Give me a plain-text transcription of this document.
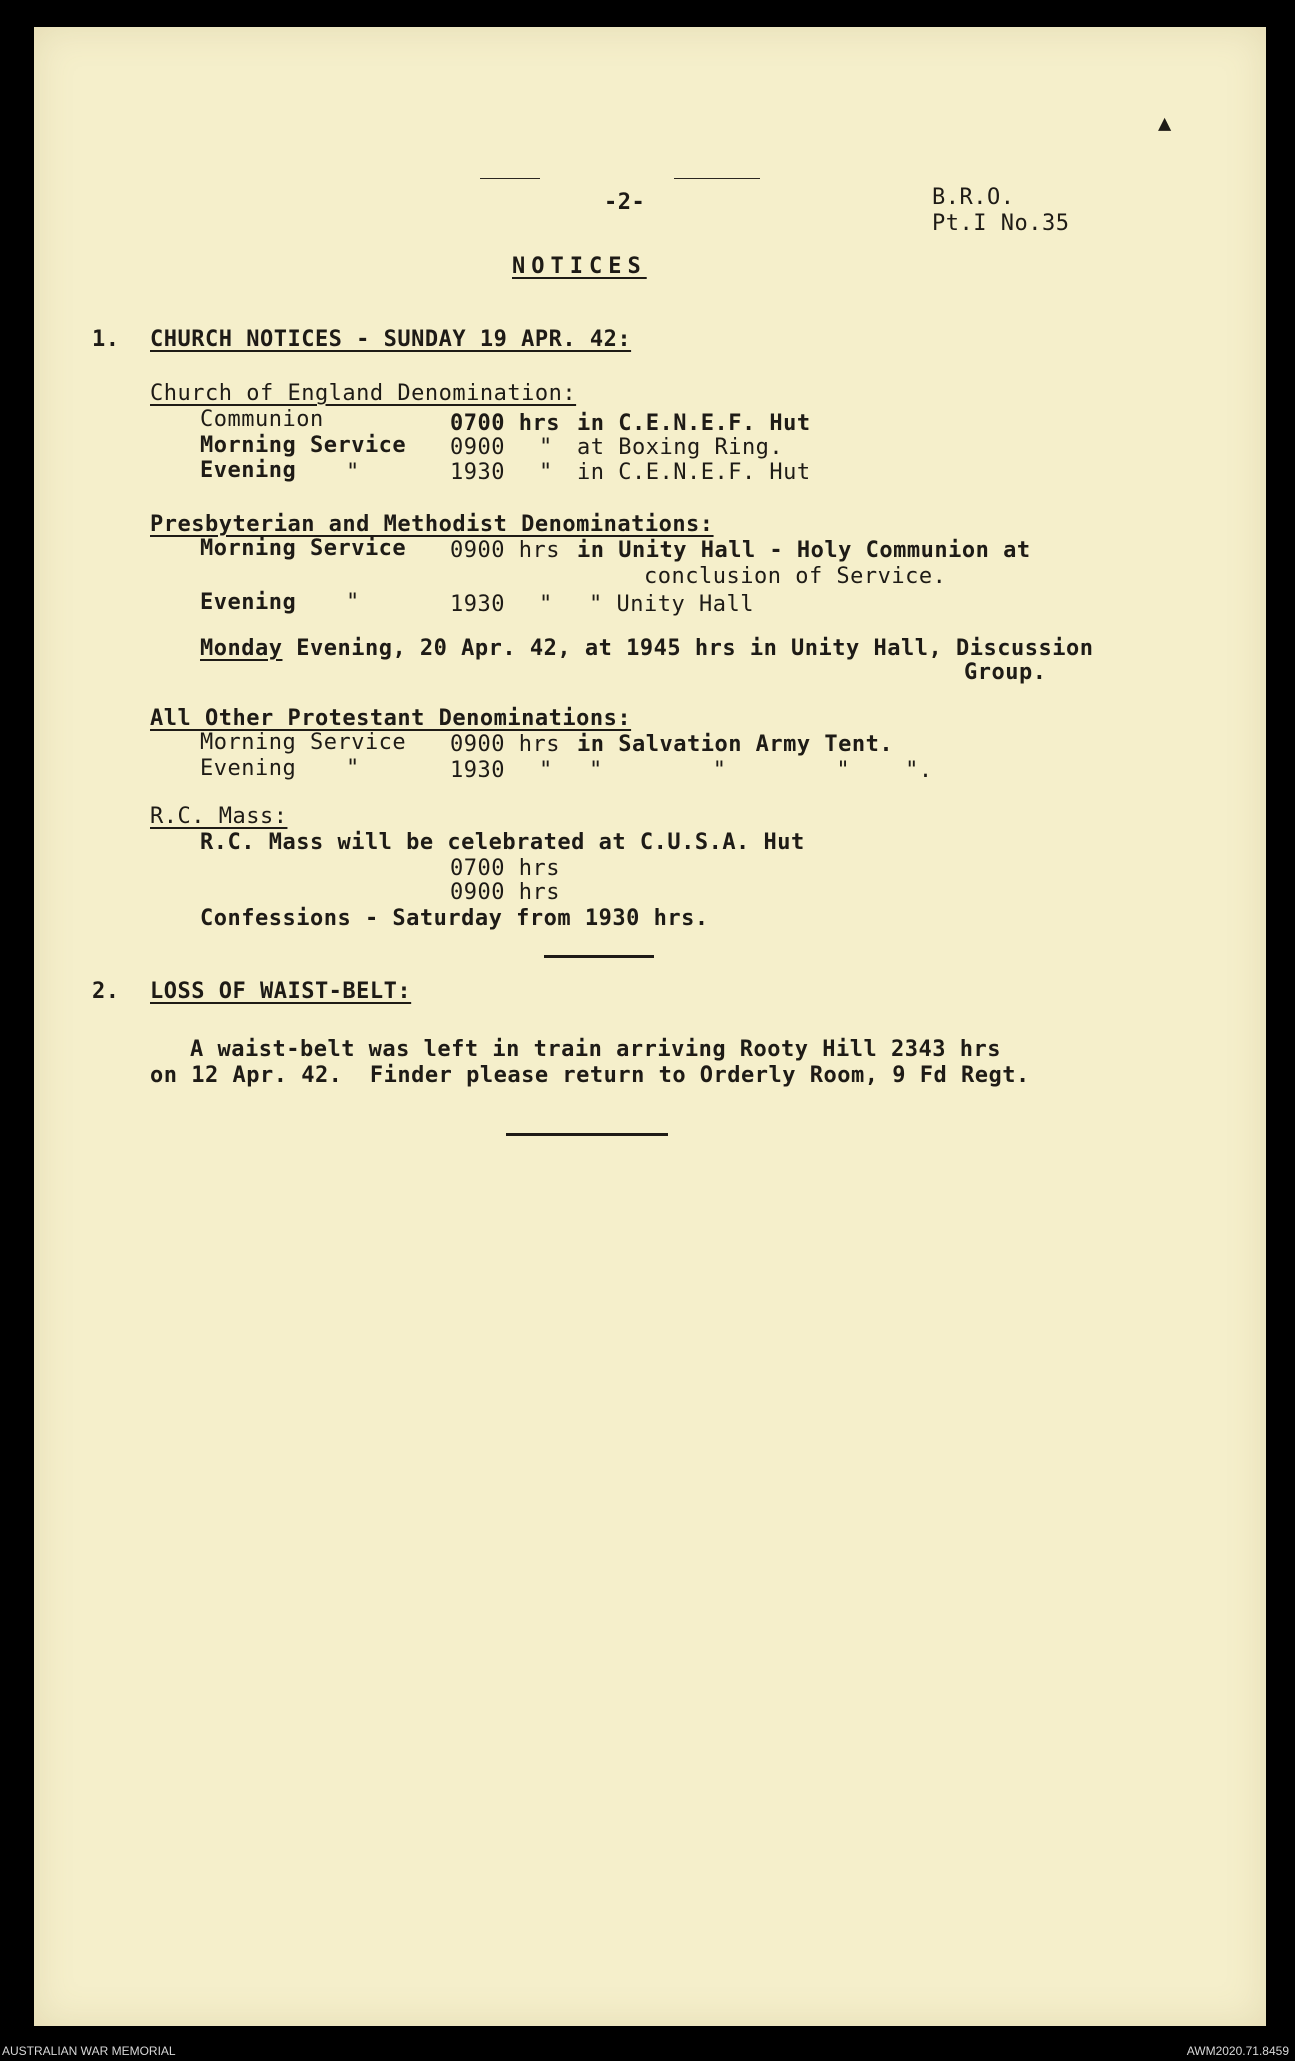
-2-	B.R.O.
Pt.I No.35
NOTICES
▲
1. CHURCH NOTICES - SUNDAY 19 APR. 42:
Church of England Denomination:
Communion	0700 hrs in C.E.N.E.F. Hut
Morning Service 0900 " at Boxing Ring.
Evening "	1930 " in C.E.N.E.F. Hut
Presbyterian and Methodist Denominations:
Morning Service 0900 hrs in Unity Hall - Holy Communion at
conclusion of Service.
Evening "	1930 " " Unity Hall
Monday Evening, 20 Apr. 42, at 1945 hrs in Unity Hall, Discussion
Group.
All Other Protestant Denominations:
Morning Service 0900 hrs in Salvation Army Tent.
Evening "	1930 " "        "        "    ".
R.C. Mass:
R.C. Mass will be celebrated at C.U.S.A. Hut
0700 hrs
0900 hrs
Confessions - Saturday from 1930 hrs.
2. LOSS OF WAIST-BELT:
A waist-belt was left in train arriving Rooty Hill 2343 hrs
on 12 Apr. 42.  Finder please return to Orderly Room, 9 Fd Regt.
AUSTRALIAN WAR MEMORIAL	AWM2020.71.8459
